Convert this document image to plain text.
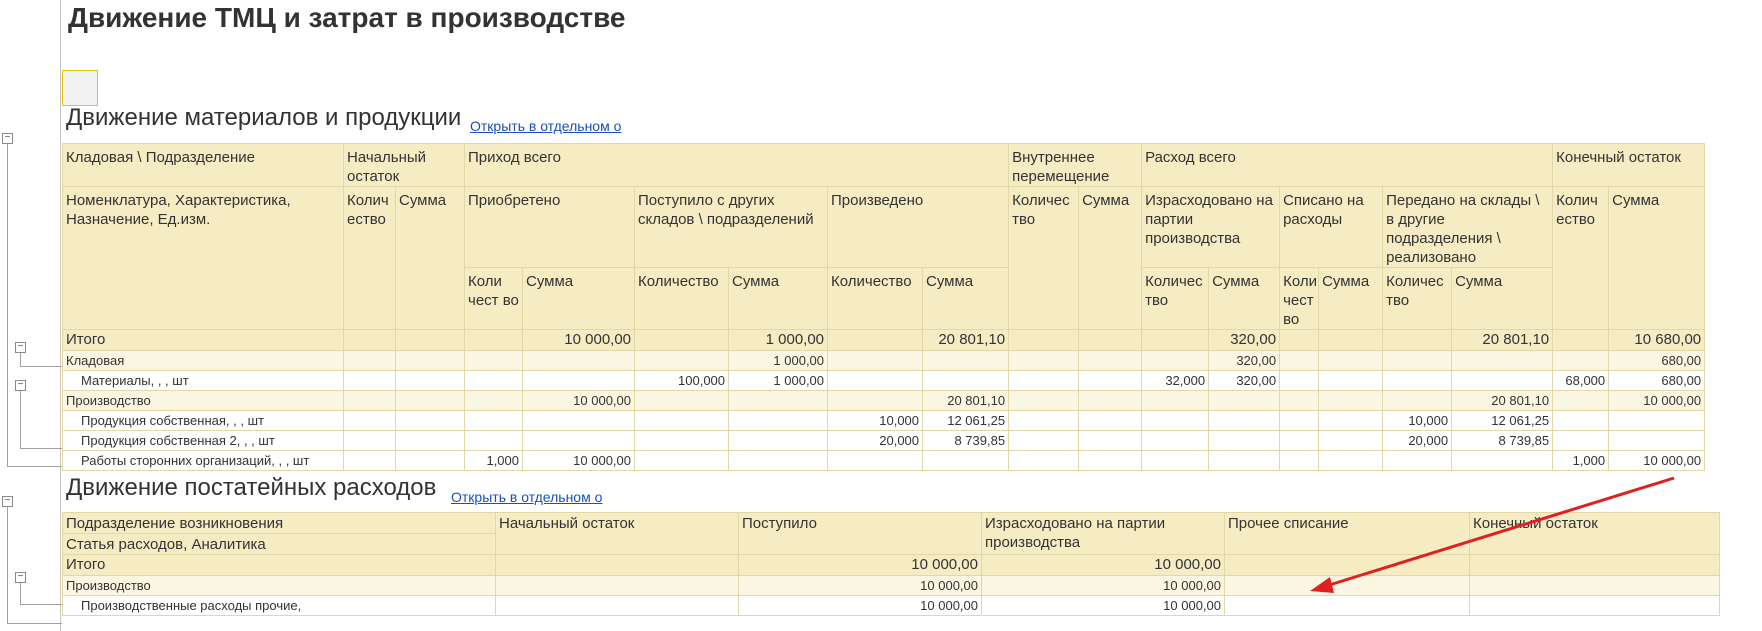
Движение ТМЦ и затрат в производстве
Движение материалов и продукции Открыть в отдельном о
Кладовая \ Подразделение	Начальный остаток		Приход всего						Внутреннее перемещение		Расход всего						Конечный остаток	
Номенклатура, Характеристика, Назначение, Ед.изм.	Колич ество	Сумма	Приобретено		Поступило с других складов \ подразделений		Произведено		Количес тво	Сумма	Израсходовано на партии производства		Списано на расходы		Передано на склады \ в другие подразделения \ реализовано		Колич ество	Сумма
			Коли чест во	Сумма	Количество	Сумма	Количество	Сумма			Количес тво	Сумма	Коли чест во	Сумма	Количес тво	Сумма		
Итого				10 000,00		1 000,00		20 801,10				320,00				20 801,10		10 680,00
Кладовая						1 000,00						320,00						680,00
Материалы, , , шт					100,000	1 000,00					32,000	320,00					68,000	680,00
Производство				10 000,00				20 801,10								20 801,10		10 000,00
Продукция собственная, , , шт							10,000	12 061,25							10,000	12 061,25		
Продукция собственная 2, , , шт							20,000	8 739,85							20,000	8 739,85		
Работы сторонних организаций, , , шт			1,000	10 000,00													1,000	10 000,00
Движение постатейных расходов Открыть в отдельном о
Подразделение возникновения	Начальный остаток	Поступило	Израсходовано на партии производства	Прочее списание	Конечный остаток
Статья расходов, Аналитика					
Итого		10 000,00	10 000,00		
Производство		10 000,00	10 000,00		
Производственные расходы прочие,		10 000,00	10 000,00		
−
−
−
−
−
